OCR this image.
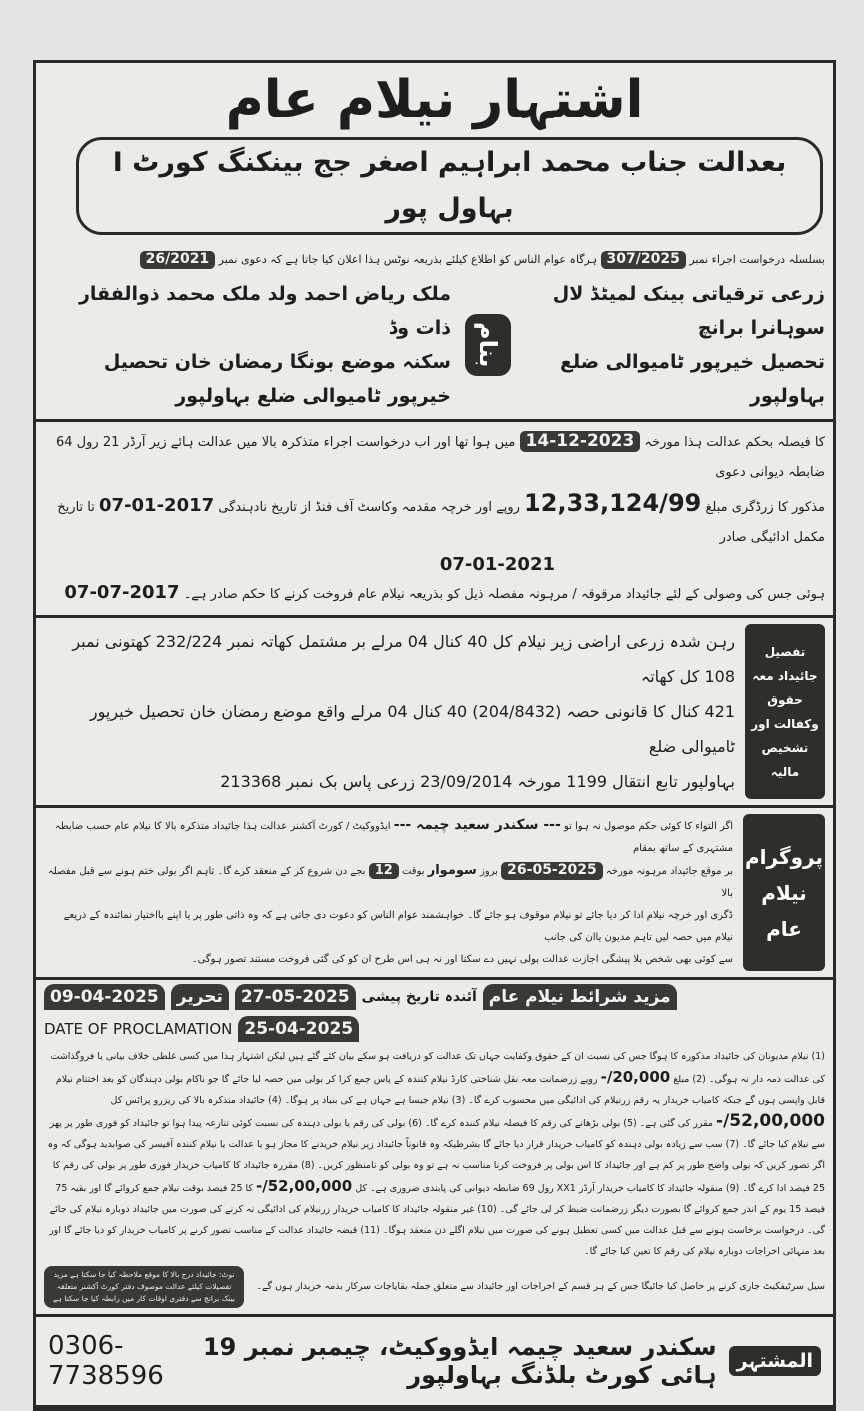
اشتہار نیلام عام
بعدالت جناب محمد ابراہیم اصغر جج بینکنگ کورٹ I بہاول پور
بسلسلہ درخواست اجراء نمبر 307/2025 ہرگاہ عوام الناس کو اطلاع کیلئے بذریعہ نوٹس ہذا اعلان کیا جاتا ہے کہ دعوی نمبر 26/2021
زرعی ترقیاتی بینک لمیٹڈ لال سوہانرا برانچ
تحصیل خیرپور ٹامیوالی ضلع بہاولپور
بنام
ملک ریاض احمد ولد ملک محمد ذوالفقار ذات وڈ
سکنہ موضع بونگا رمضان خان تحصیل خیرپور ٹامیوالی ضلع بہاولپور
کا فیصلہ بحکم عدالت ہذا مورخہ 14-12-2023 میں ہوا تھا اور اب درخواست اجراء متذکرہ بالا میں عدالت ہائے زیر آرڈر 21 رول 64 ضابطہ دیوانی دعوی
مذکور کا زرڈگری مبلغ 12,33,124/99 روپے اور خرچہ مقدمہ وکاسٹ آف فنڈ از تاریخ نادہندگی 07-01-2017 تا تاریخ مکمل ادائیگی صادر
07-01-2021
ہوئی جس کی وصولی کے لئے جائیداد مرقوقہ / مرہونہ مفصلہ ذیل کو بذریعہ نیلام عام فروخت کرنے کا حکم صادر ہے۔ 07-07-2017
تفصیل جائیداد معہ حقوق وکفالت اور تشخیص مالیہ
رہن شدہ زرعی اراضی زیر نیلام کل 40 کنال 04 مرلے بر مشتمل کھاتہ نمبر 232/224 کھتونی نمبر 108 کل کھاتہ
421 کنال کا قانونی حصہ (204/8432) 40 کنال 04 مرلے واقع موضع رمضان خان تحصیل خیرپور ٹامیوالی ضلع
بہاولپور تابع انتقال 1199 مورخہ 23/09/2014 زرعی پاس بک نمبر 213368
پروگرام نیلام عام
اگر التواء کا کوئی حکم موصول نہ ہوا تو --- سکندر سعید چیمہ --- ایڈووکیٹ / کورٹ آکشنر عدالت ہذا جائیداد متذکرہ بالا کا نیلام عام حسب ضابطہ مشتہری کے ساتھ بمقام
بر موقع جائیداد مرہونہ مورخہ 26-05-2025 بروز سوموار بوقت 12 بجے دن شروع کر کے منعقد کرے گا۔ تاہم اگر بولی ختم ہونے سے قبل مفصلہ بالا
ڈگری اور خرچہ نیلام ادا کر دیا جائے تو نیلام موقوف ہو جائے گا۔ خواہشمند عوام الناس کو دعوت دی جاتی ہے کہ وہ ذاتی طور پر یا اپنے بااختیار نمائندہ کے ذریعے نیلام میں حصہ لیں تاہم مدیون یاان کی جانب
سے کوئی بھی شخص بلا پیشگی اجازت عدالت بولی نہیں دے سکتا اور نہ ہی اس طرح ان کو کی گئی فروخت مستند تصور ہوگی۔
09-04-2025	تحریر	27-05-2025 آئندہ تاریخ پیشی مزید شرائط نیلام عام
DATE OF PROCLAMATION 25-04-2025
(1) نیلام مدیونان کی جائیداد مذکورہ کا ہوگا جس کی نسبت ان کے حقوق وکفایت جہاں تک عدالت کو دریافت ہو سکے بیان کئے گئے ہیں لیکن اشتہار ہذا میں کسی غلطی خلاف بیانی یا فروگذاشت کی عدالت ذمہ دار نہ ہوگی۔ (2) مبلغ 20,000/- روپے زرضمانت معہ نقل شناختی کارڈ نیلام کنندہ کے پاس جمع کرا کر بولی میں حصہ لیا جائے گا جو ناکام بولی دہندگان کو بعد اختتام نیلام قابل واپسی ہوں گے جبکہ کامیاب خریدار یہ رقم زرنیلام کی ادائیگی میں محسوب کرے گا۔ (3) نیلام جیسا ہے جہاں ہے کی بنیاد پر ہوگا۔ (4) جائیداد متذکرہ بالا کی ریزرو پرائس کل 52,00,000/- مقرر کی گئی ہے۔ (5) بولی بڑھانے کی رقم کا فیصلہ نیلام کنندہ کرے گا۔ (6) بولی کی رقم یا بولی دہندہ کی نسبت کوئی تنازعہ پیدا ہوا تو جائیداد کو فوری طور پر پھر سے نیلام کیا جائے گا۔ (7) سب سے زیادہ بولی دہندہ کو کامیاب خریدار قرار دیا جائے گا بشرطیکہ وہ قانوناً جائیداد زیر نیلام خریدنے کا مجاز ہو یا عدالت یا نیلام کنندہ آفیسر کی صوابدید ہوگی کہ وہ اگر تصور کریں کہ بولی واضح طور پر کم ہے اور جائیداد کا اس بولی پر فروخت کرنا مناسب نہ ہے تو وہ بولی کو نامنظور کریں۔ (8) مقررہ جائیداد کا کامیاب خریدار فوری طور پر بولی کی رقم کا 25 فیصد ادا کرے گا۔ (9) منقولہ جائیداد کا کامیاب خریدار آرڈر XX1 رول 69 ضابطہ دیوانی کی پابندی ضروری ہے۔ کل 52,00,000/- کا 25 فیصد بوقت نیلام جمع کروائے گا اور بقیہ 75 فیصد 15 یوم کے اندر جمع کروائے گا بصورت دیگر زرضمانت ضبط کر لی جائے گی۔ (10) غیر منقولہ جائیداد کا کامیاب خریدار زرنیلام کی ادائیگی نہ کرنے کی صورت میں جائیداد دوبارہ نیلام کی جائے گی۔ درخواست برخاست ہونے سے قبل عدالت میں کسی تعطیل ہونے کی صورت میں نیلام اگلے دن منعقد ہوگا۔ (11) قبضہ جائیداد عدالت کے مناسب تصور کرنے پر کامیاب خریدار کو دیا جائے گا اور بعد منہائی اخراجات دوبارہ نیلام کی رقم کا تعین کیا جائے گا۔
سیل سرٹیفکیٹ جاری کرنے پر حاصل کیا جائیگا جس کے ہر قسم کے اخراجات اور جائیداد سے متعلق جملہ بقایاجات سرکار بذمہ خریدار ہوں گے۔
نوٹ: جائیداد درج بالا کا موقع ملاحظہ کیا جا سکتا ہے مزید تفصیلات کیلئے عدالت موصوف دفتر کورٹ آکشنر متعلقہ بینک برانچ سے دفتری اوقات کار میں رابطہ کیا جا سکتا ہے
المشتہر
سکندر سعید چیمہ ایڈووکیٹ، چیمبر نمبر 19 ہائی کورٹ بلڈنگ بہاولپور
0306-7738596
